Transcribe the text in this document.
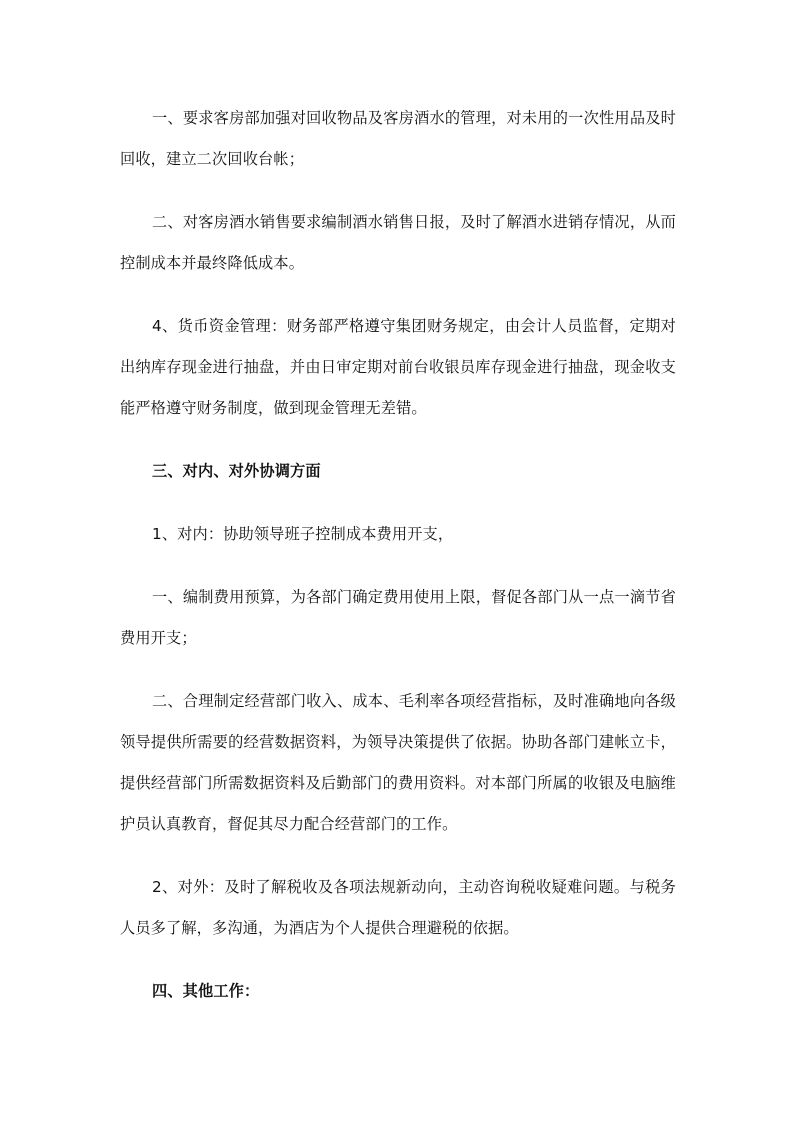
一、要求客房部加强对回收物品及客房酒水的管理，对未用的一次性用品及时回收，建立二次回收台帐；

二、对客房酒水销售要求编制酒水销售日报，及时了解酒水进销存情况，从而控制成本并最终降低成本。

4、货币资金管理：财务部严格遵守集团财务规定，由会计人员监督，定期对出纳库存现金进行抽盘，并由日审定期对前台收银员库存现金进行抽盘，现金收支能严格遵守财务制度，做到现金管理无差错。

三、对内、对外协调方面

1、对内：协助领导班子控制成本费用开支，

一、编制费用预算，为各部门确定费用使用上限，督促各部门从一点一滴节省费用开支；

二、合理制定经营部门收入、成本、毛利率各项经营指标，及时准确地向各级领导提供所需要的经营数据资料，为领导决策提供了依据。协助各部门建帐立卡，提供经营部门所需数据资料及后勤部门的费用资料。对本部门所属的收银及电脑维护员认真教育，督促其尽力配合经营部门的工作。

2、对外：及时了解税收及各项法规新动向，主动咨询税收疑难问题。与税务人员多了解，多沟通，为酒店为个人提供合理避税的依据。

四、其他工作：
